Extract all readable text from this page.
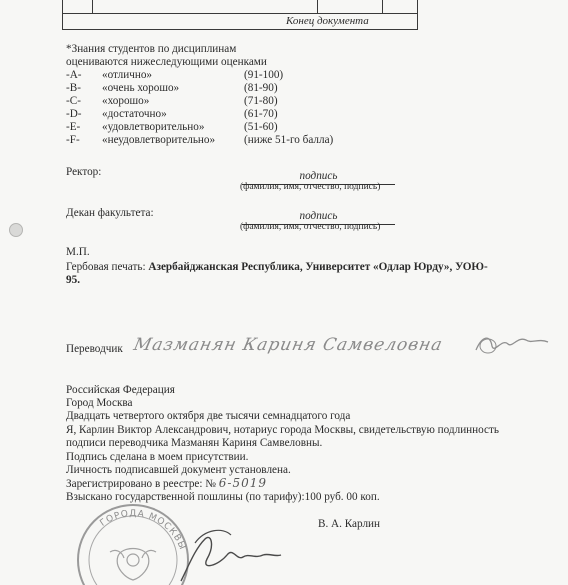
Конец документа
*Знания студентов по дисциплинам
оцениваются нижеследующими оценками
-A- «отлично»	(91-100)
-B- «очень хорошо»	(81-90)
-C- «хорошо»	(71-80)
-D- «достаточно»	(61-70)
-E- «удовлетворительно»	(51-60)
-F- «неудовлетворительно»	(ниже 51-го балла)
Ректор:	подпись
(фамилия, имя, отчество, подпись)
Декан факультета:	подпись
(фамилия, имя, отчество, подпись)
М.П.
Гербовая печать: Азербайджанская Республика, Университет «Одлар Юрду», УОЮ-
95.
Переводчик Мазманян Кариня Самвеловна
Российская Федерация
Город Москва
Двадцать четвертого октября две тысячи семнадцатого года
Я, Карлин Виктор Александрович, нотариус города Москвы, свидетельствую подлинность
подписи переводчика Мазманян Кариня Самвеловны.
Подпись сделана в моем присутствии.
Личность подписавшей документ установлена.
Зарегистрировано в реестре: № 6-5019
Взыскано государственной пошлины (по тарифу):100 руб. 00 коп.
В. А. Карлин
ГОРОДА МОСКВЫ
